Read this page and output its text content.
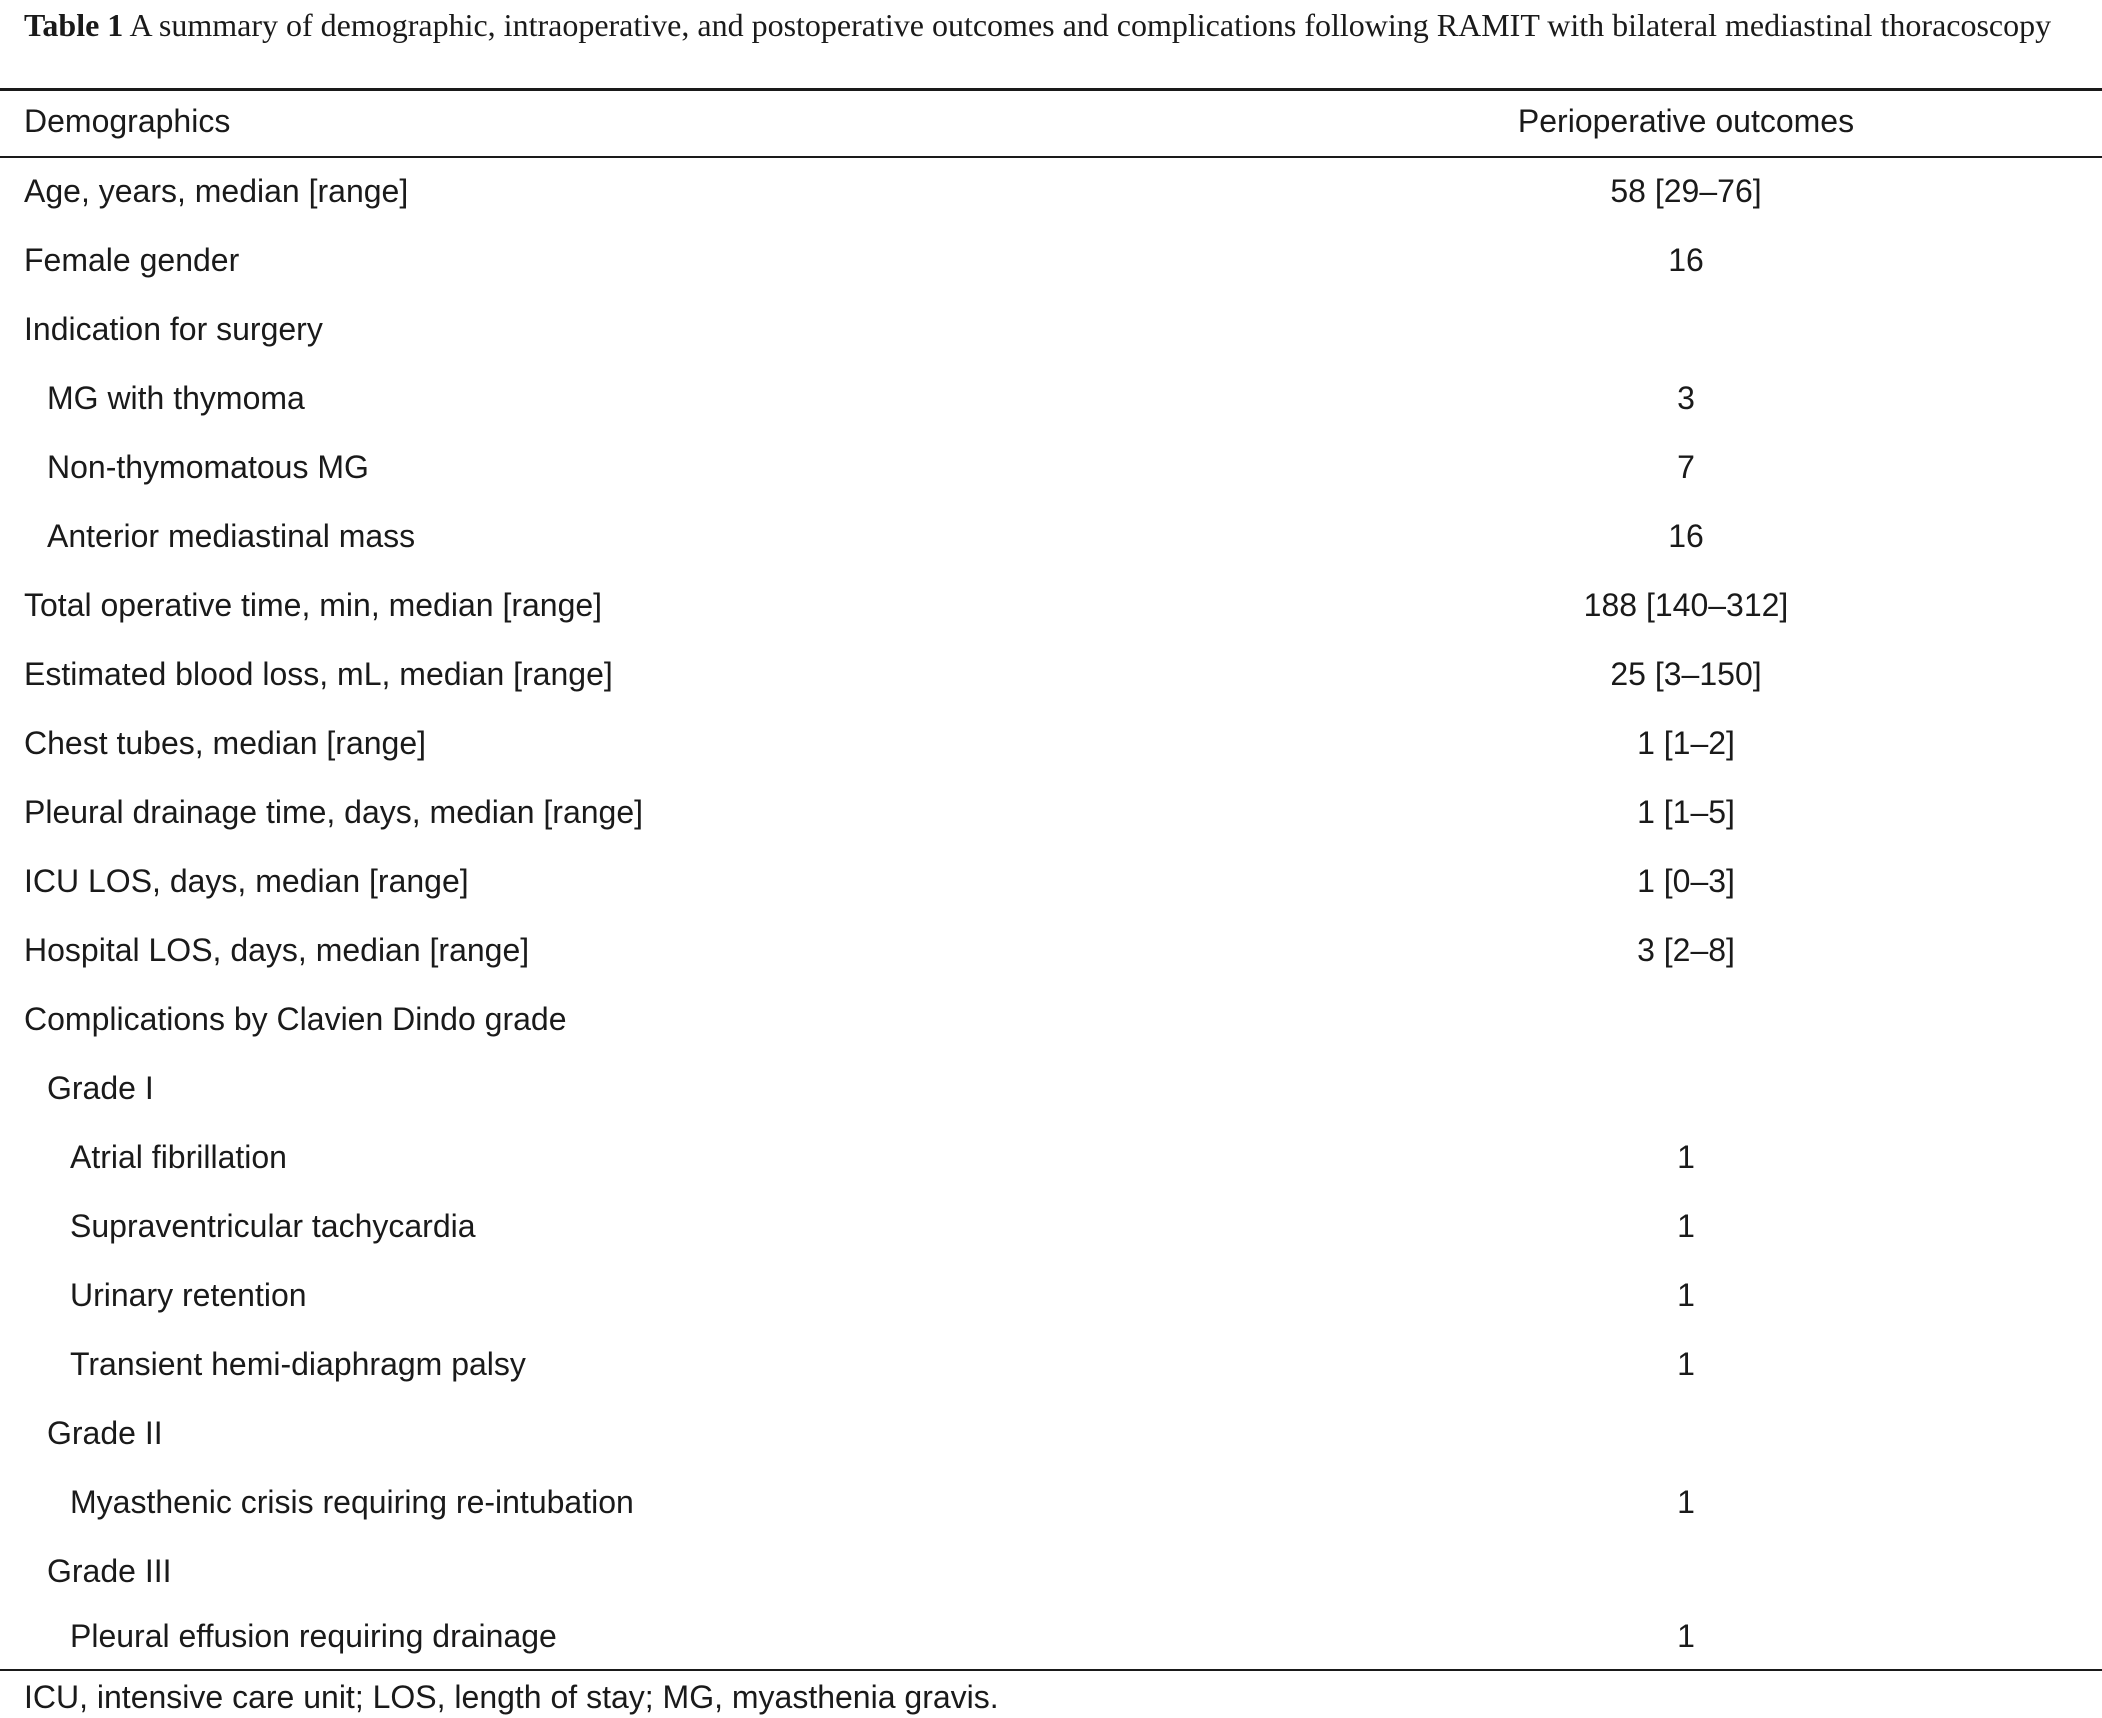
Table 1 A summary of demographic, intraoperative, and postoperative outcomes and complications following RAMIT with bilateral mediastinal thoracoscopy
Demographics	Perioperative outcomes
Age, years, median [range]	58 [29–76]
Female gender	16
Indication for surgery
MG with thymoma	3
Non-thymomatous MG	7
Anterior mediastinal mass	16
Total operative time, min, median [range]	188 [140–312]
Estimated blood loss, mL, median [range]	25 [3–150]
Chest tubes, median [range]	1 [1–2]
Pleural drainage time, days, median [range]	1 [1–5]
ICU LOS, days, median [range]	1 [0–3]
Hospital LOS, days, median [range]	3 [2–8]
Complications by Clavien Dindo grade
Grade I
Atrial fibrillation	1
Supraventricular tachycardia	1
Urinary retention	1
Transient hemi-diaphragm palsy	1
Grade II
Myasthenic crisis requiring re-intubation	1
Grade III
Pleural effusion requiring drainage	1
ICU, intensive care unit; LOS, length of stay; MG, myasthenia gravis.
